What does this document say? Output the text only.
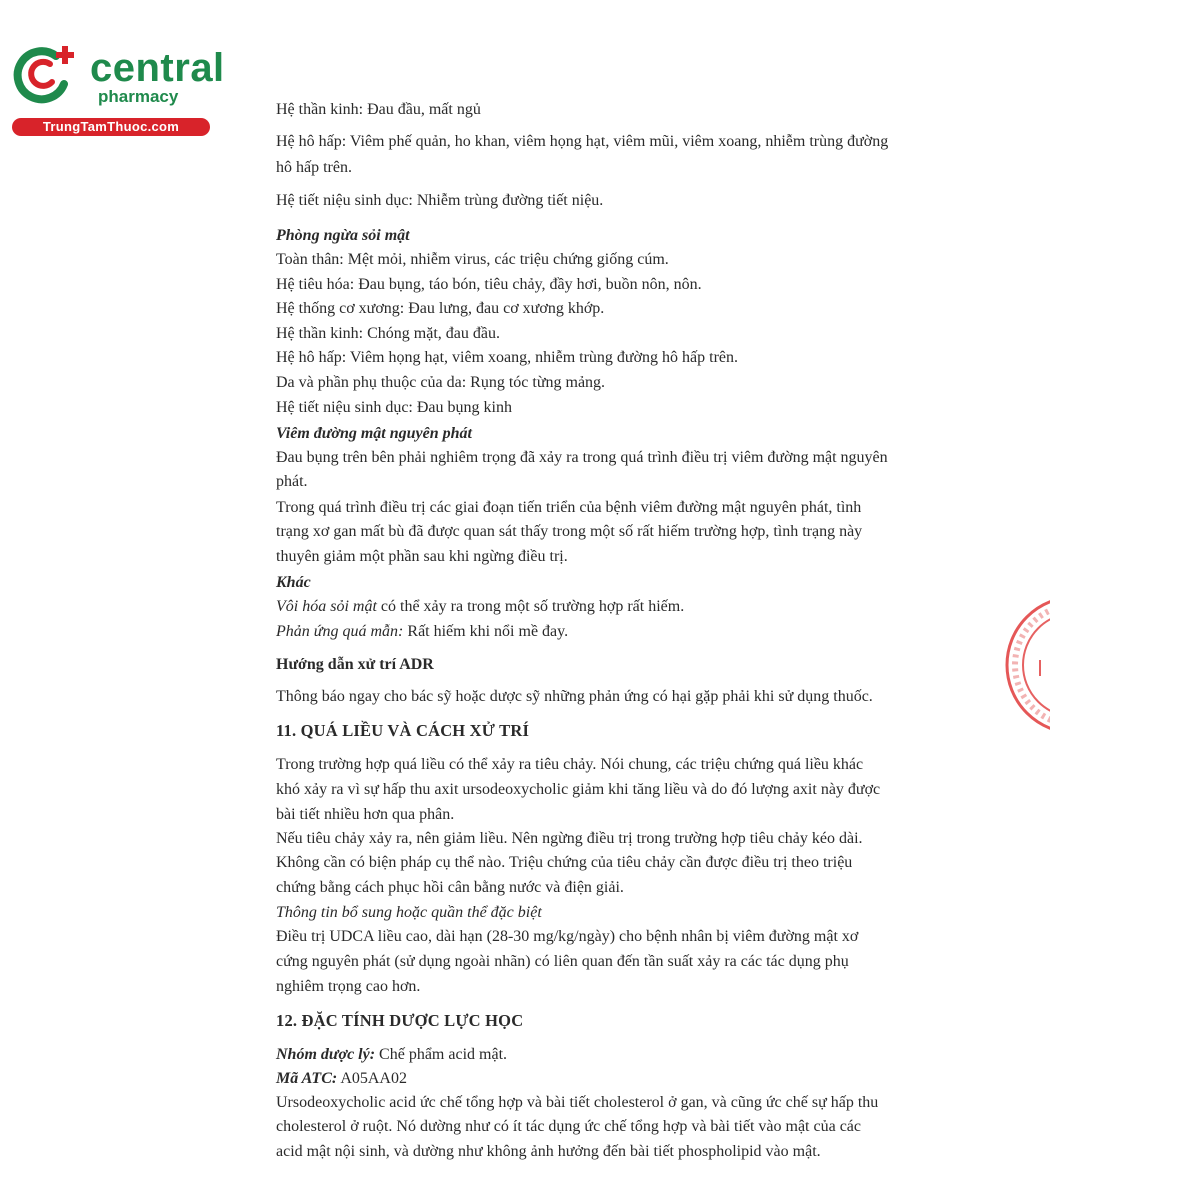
central
pharmacy
TrungTamThuoc.com
Hệ thần kinh: Đau đầu, mất ngủ
Hệ hô hấp: Viêm phế quản, ho khan, viêm họng hạt, viêm mũi, viêm xoang, nhiễm trùng đường
hô hấp trên.
Hệ tiết niệu sinh dục: Nhiễm trùng đường tiết niệu.
Phòng ngừa sỏi mật
Toàn thân: Mệt mỏi, nhiễm virus, các triệu chứng giống cúm.
Hệ tiêu hóa: Đau bụng, táo bón, tiêu chảy, đầy hơi, buồn nôn, nôn.
Hệ thống cơ xương: Đau lưng, đau cơ xương khớp.
Hệ thần kinh: Chóng mặt, đau đầu.
Hệ hô hấp: Viêm họng hạt, viêm xoang, nhiễm trùng đường hô hấp trên.
Da và phần phụ thuộc của da: Rụng tóc từng mảng.
Hệ tiết niệu sinh dục: Đau bụng kinh
Viêm đường mật nguyên phát
Đau bụng trên bên phải nghiêm trọng đã xảy ra trong quá trình điều trị viêm đường mật nguyên
phát.
Trong quá trình điều trị các giai đoạn tiến triển của bệnh viêm đường mật nguyên phát, tình
trạng xơ gan mất bù đã được quan sát thấy trong một số rất hiếm trường hợp, tình trạng này
thuyên giảm một phần sau khi ngừng điều trị.
Khác
Vôi hóa sỏi mật có thể xảy ra trong một số trường hợp rất hiếm.
Phản ứng quá mẫn: Rất hiếm khi nổi mề đay.
Hướng dẫn xử trí ADR
Thông báo ngay cho bác sỹ hoặc dược sỹ những phản ứng có hại gặp phải khi sử dụng thuốc.
11. QUÁ LIỀU VÀ CÁCH XỬ TRÍ
Trong trường hợp quá liều có thể xảy ra tiêu chảy. Nói chung, các triệu chứng quá liều khác
khó xảy ra vì sự hấp thu axit ursodeoxycholic giảm khi tăng liều và do đó lượng axit này được
bài tiết nhiều hơn qua phân.
Nếu tiêu chảy xảy ra, nên giảm liều. Nên ngừng điều trị trong trường hợp tiêu chảy kéo dài.
Không cần có biện pháp cụ thể nào. Triệu chứng của tiêu chảy cần được điều trị theo triệu
chứng bằng cách phục hồi cân bằng nước và điện giải.
Thông tin bổ sung hoặc quần thể đặc biệt
Điều trị UDCA liều cao, dài hạn (28-30 mg/kg/ngày) cho bệnh nhân bị viêm đường mật xơ
cứng nguyên phát (sử dụng ngoài nhãn) có liên quan đến tần suất xảy ra các tác dụng phụ
nghiêm trọng cao hơn.
12. ĐẶC TÍNH DƯỢC LỰC HỌC
Nhóm dược lý: Chế phẩm acid mật.
Mã ATC: A05AA02
Ursodeoxycholic acid ức chế tổng hợp và bài tiết cholesterol ở gan, và cũng ức chế sự hấp thu
cholesterol ở ruột. Nó dường như có ít tác dụng ức chế tổng hợp và bài tiết vào mật của các
acid mật nội sinh, và dường như không ảnh hưởng đến bài tiết phospholipid vào mật.
